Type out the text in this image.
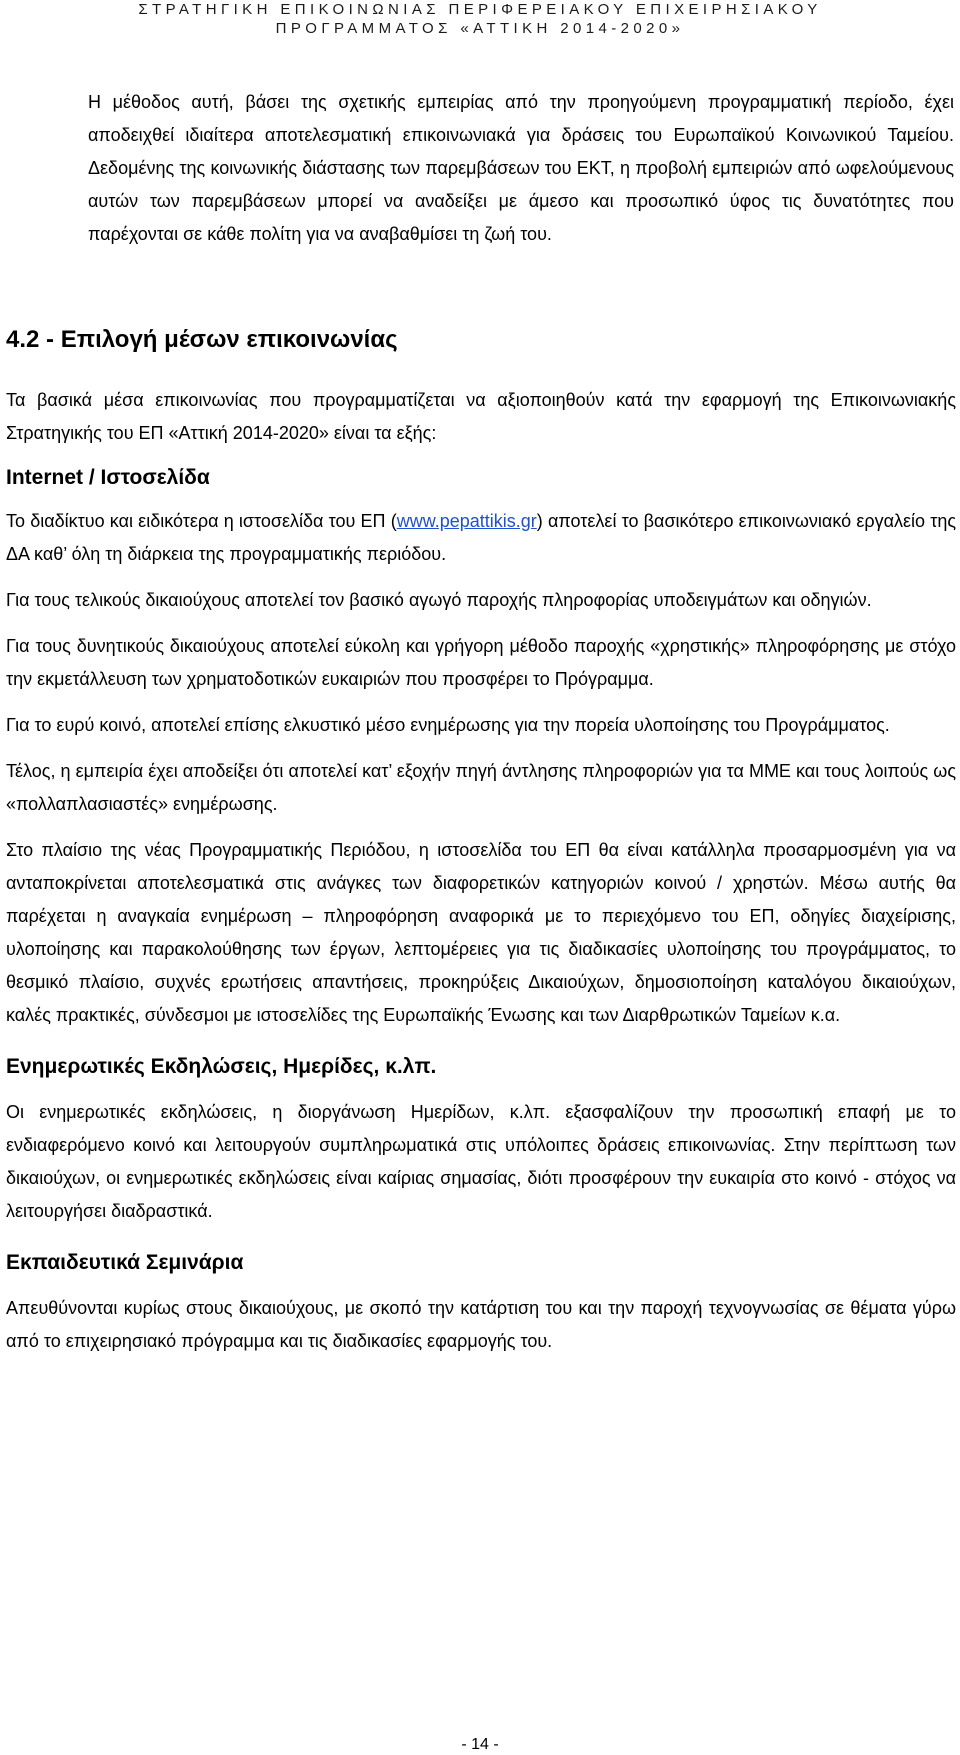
ΣΤΡΑΤΗΓΙΚΗ ΕΠΙΚΟΙΝΩΝΙΑΣ ΠΕΡΙΦΕΡΕΙΑΚΟΥ ΕΠΙΧΕΙΡΗΣΙΑΚΟΥ
ΠΡΟΓΡΑΜΜΑΤΟΣ «ΑΤΤΙΚΗ 2014-2020»

Η μέθοδος αυτή, βάσει της σχετικής εμπειρίας από την προηγούμενη προγραμματική περίοδο, έχει αποδειχθεί ιδιαίτερα αποτελεσματική επικοινωνιακά για δράσεις του Ευρωπαϊκού Κοινωνικού Ταμείου. Δεδομένης της κοινωνικής διάστασης των παρεμβάσεων του ΕΚΤ, η προβολή εμπειριών από ωφελούμενους αυτών των παρεμβάσεων μπορεί να αναδείξει με άμεσο και προσωπικό ύφος τις δυνατότητες που παρέχονται σε κάθε πολίτη για να αναβαθμίσει τη ζωή του.

4.2 - Επιλογή μέσων επικοινωνίας

Τα βασικά μέσα επικοινωνίας που προγραμματίζεται να αξιοποιηθούν κατά την εφαρμογή της Επικοινωνιακής Στρατηγικής του ΕΠ «Αττική 2014-2020» είναι τα εξής:

Internet / Ιστοσελίδα

Το διαδίκτυο και ειδικότερα η ιστοσελίδα του ΕΠ (www.pepattikis.gr) αποτελεί το βασικότερο επικοινωνιακό εργαλείο της ΔΑ καθ’ όλη τη διάρκεια της προγραμματικής περιόδου.

Για τους τελικούς δικαιούχους αποτελεί τον βασικό αγωγό παροχής πληροφορίας υποδειγμάτων και οδηγιών.

Για τους δυνητικούς δικαιούχους αποτελεί εύκολη και γρήγορη μέθοδο παροχής «χρηστικής» πληροφόρησης με στόχο την εκμετάλλευση των χρηματοδοτικών ευκαιριών που προσφέρει το Πρόγραμμα.

Για το ευρύ κοινό, αποτελεί επίσης ελκυστικό μέσο ενημέρωσης για την πορεία υλοποίησης του Προγράμματος.

Τέλος, η εμπειρία έχει αποδείξει ότι αποτελεί κατ’ εξοχήν πηγή άντλησης πληροφοριών για τα ΜΜΕ και τους λοιπούς ως «πολλαπλασιαστές» ενημέρωσης.

Στο πλαίσιο της νέας Προγραμματικής Περιόδου, η ιστοσελίδα του ΕΠ θα είναι κατάλληλα προσαρμοσμένη για να ανταποκρίνεται αποτελεσματικά στις ανάγκες των διαφορετικών κατηγοριών κοινού / χρηστών. Μέσω αυτής θα παρέχεται η αναγκαία ενημέρωση – πληροφόρηση αναφορικά με το περιεχόμενο του ΕΠ, οδηγίες διαχείρισης, υλοποίησης και παρακολούθησης των έργων, λεπτομέρειες για τις διαδικασίες υλοποίησης του προγράμματος, το θεσμικό πλαίσιο, συχνές ερωτήσεις απαντήσεις, προκηρύξεις Δικαιούχων, δημοσιοποίηση καταλόγου δικαιούχων, καλές πρακτικές, σύνδεσμοι με ιστοσελίδες της Ευρωπαϊκής Ένωσης και των Διαρθρωτικών Ταμείων κ.α.

Ενημερωτικές Εκδηλώσεις, Ημερίδες, κ.λπ.

Οι ενημερωτικές εκδηλώσεις, η διοργάνωση Ημερίδων, κ.λπ. εξασφαλίζουν την προσωπική επαφή με το ενδιαφερόμενο κοινό και λειτουργούν συμπληρωματικά στις υπόλοιπες δράσεις επικοινωνίας. Στην περίπτωση των δικαιούχων, οι ενημερωτικές εκδηλώσεις είναι καίριας σημασίας, διότι προσφέρουν την ευκαιρία στο κοινό - στόχος να λειτουργήσει διαδραστικά.

Εκπαιδευτικά Σεμινάρια

Απευθύνονται κυρίως στους δικαιούχους, με σκοπό την κατάρτιση του και την παροχή τεχνογνωσίας σε θέματα γύρω από το επιχειρησιακό πρόγραμμα και τις διαδικασίες εφαρμογής του.

- 14 -
